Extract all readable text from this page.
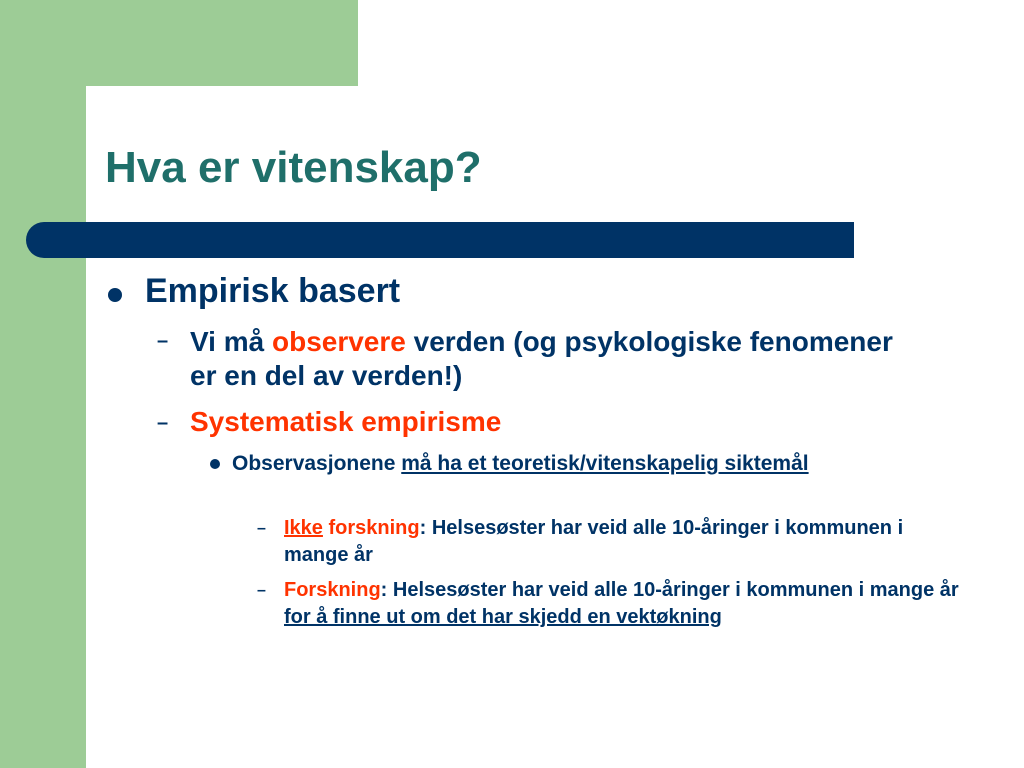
Hva er vitenskap?
Empirisk basert
– Vi må observere verden (og psykologiske fenomener er en del av verden!)
– Systematisk empirisme
Observasjonene må ha et teoretisk/vitenskapelig siktemål
– Ikke forskning: Helsesøster har veid alle 10-åringer i kommunen i mange år
– Forskning: Helsesøster har veid alle 10-åringer i kommunen i mange år for å finne ut om det har skjedd en vektøkning
